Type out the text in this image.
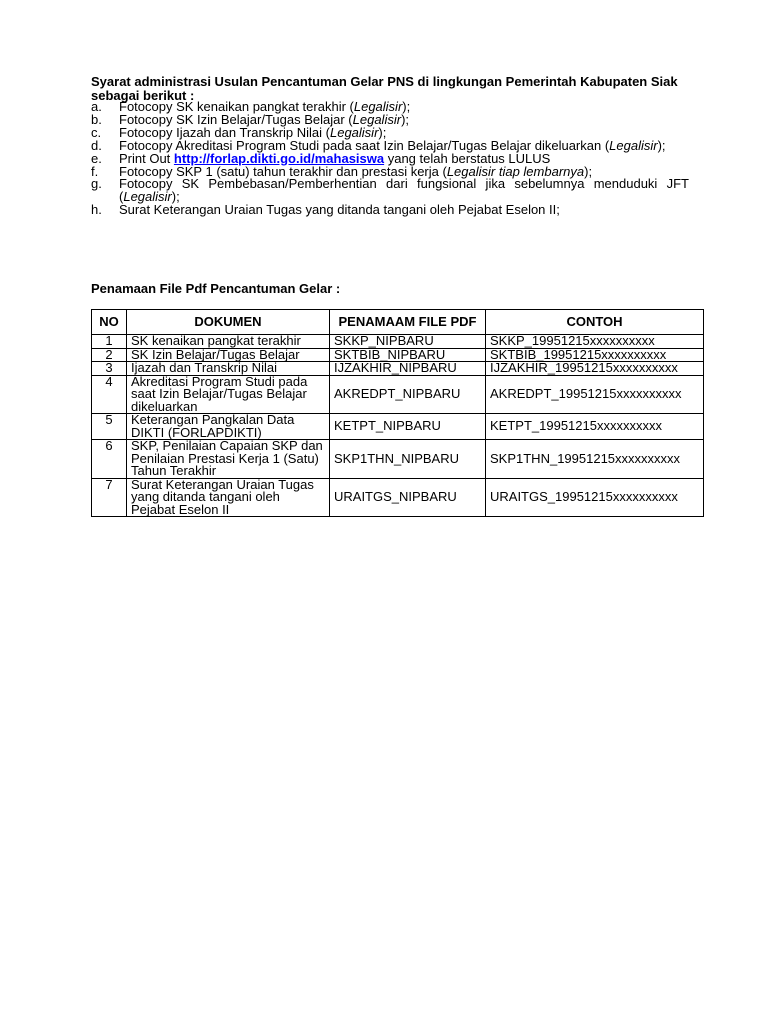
Syarat administrasi Usulan Pencantuman Gelar PNS di lingkungan Pemerintah Kabupaten Siak sebagai berikut :
a.	Fotocopy SK kenaikan pangkat terakhir (Legalisir);
b.	Fotocopy SK Izin Belajar/Tugas Belajar (Legalisir);
c.	Fotocopy Ijazah dan Transkrip Nilai (Legalisir);
d.	Fotocopy Akreditasi Program Studi pada saat Izin Belajar/Tugas Belajar dikeluarkan (Legalisir);
e.	Print Out http://forlap.dikti.go.id/mahasiswa yang telah berstatus LULUS
f.	Fotocopy SKP 1 (satu) tahun terakhir dan prestasi kerja (Legalisir tiap lembarnya);
g.	Fotocopy SK Pembebasan/Pemberhentian dari fungsional jika sebelumnya menduduki JFT (Legalisir);
h.	Surat Keterangan Uraian Tugas yang ditanda tangani oleh Pejabat Eselon II;
Penamaan File Pdf Pencantuman Gelar :
NO	DOKUMEN	PENAMAAM FILE PDF	CONTOH
1	SK kenaikan pangkat terakhir	SKKP_NIPBARU	SKKP_19951215xxxxxxxxxx
2	SK Izin Belajar/Tugas Belajar	SKTBIB_NIPBARU	SKTBIB_19951215xxxxxxxxxx
3	Ijazah dan Transkrip Nilai	IJZAKHIR_NIPBARU	IJZAKHIR_19951215xxxxxxxxxx
4	Akreditasi Program Studi pada saat Izin Belajar/Tugas Belajar dikeluarkan	AKREDPT_NIPBARU	AKREDPT_19951215xxxxxxxxxx
5	Keterangan Pangkalan Data DIKTI (FORLAPDIKTI)	KETPT_NIPBARU	KETPT_19951215xxxxxxxxxx
6	SKP, Penilaian Capaian SKP dan Penilaian Prestasi Kerja 1 (Satu) Tahun Terakhir	SKP1THN_NIPBARU	SKP1THN_19951215xxxxxxxxxx
7	Surat Keterangan Uraian Tugas yang ditanda tangani oleh Pejabat Eselon II	URAITGS_NIPBARU	URAITGS_19951215xxxxxxxxxx
